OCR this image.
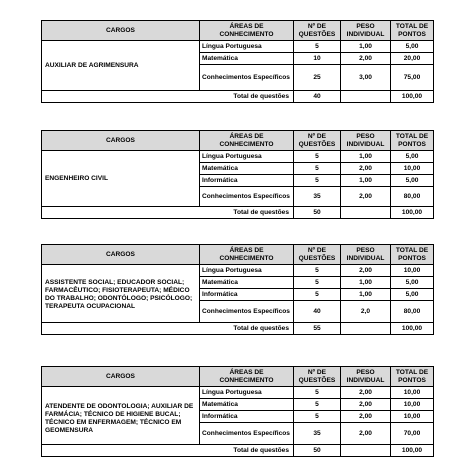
CARGOS	ÁREAS DE CONHECIMENTO	Nº DE QUESTÕES	PESO INDIVIDUAL	TOTAL DE PONTOS
AUXILIAR DE AGRIMENSURA	Língua Portuguesa	5	1,00	5,00
	Matemática	10	2,00	20,00
	Conhecimentos Específicos	25	3,00	75,00
Total de questões		40		100,00
CARGOS	ÁREAS DE CONHECIMENTO	Nº DE QUESTÕES	PESO INDIVIDUAL	TOTAL DE PONTOS
ENGENHEIRO CIVIL	Língua Portuguesa	5	1,00	5,00
	Matemática	5	2,00	10,00
	Informática	5	1,00	5,00
	Conhecimentos Específicos	35	2,00	80,00
Total de questões		50		100,00
CARGOS	ÁREAS DE CONHECIMENTO	Nº DE QUESTÕES	PESO INDIVIDUAL	TOTAL DE PONTOS
	Língua Portuguesa	5	2,00	10,00
ASSISTENTE SOCIAL; EDUCADOR SOCIAL; FARMACÊUTICO; FISIOTERAPEUTA; MÉDICO DO TRABALHO; ODONTÓLOGO; PSICÓLOGO; TERAPEUTA OCUPACIONAL	Matemática	5	1,00	5,00
	Informática	5	1,00	5,00
	Conhecimentos Específicos	40	2,0	80,00
Total de questões		55		100,00
CARGOS	ÁREAS DE CONHECIMENTO	Nº DE QUESTÕES	PESO INDIVIDUAL	TOTAL DE PONTOS
ATENDENTE DE ODONTOLOGIA; AUXILIAR DE FARMÁCIA; TÉCNICO DE HIGIENE BUCAL; TÉCNICO EM ENFERMAGEM; TÉCNICO EM GEOMENSURA	Língua Portuguesa	5	2,00	10,00
	Matemática	5	2,00	10,00
	Informática	5	2,00	10,00
	Conhecimentos Específicos	35	2,00	70,00
Total de questões		50		100,00
